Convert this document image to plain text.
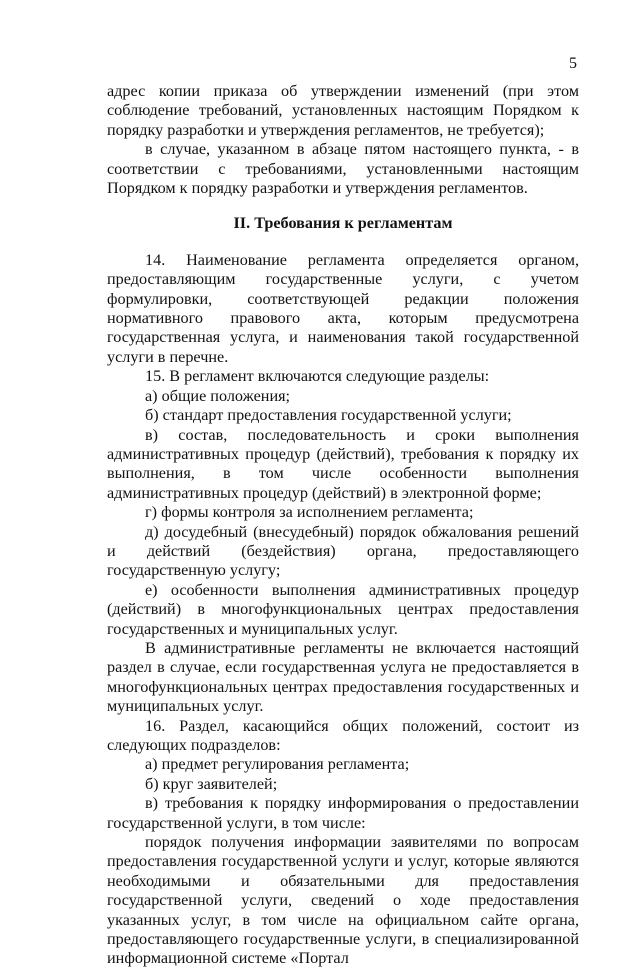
5

адрес копии приказа об утверждении изменений (при этом соблюдение требований, установленных настоящим Порядком к порядку разработки и утверждения регламентов, не требуется);

в случае, указанном в абзаце пятом настоящего пункта, - в соответствии с требованиями, установленными настоящим Порядком к порядку разработки и утверждения регламентов.

II. Требования к регламентам

14. Наименование регламента определяется органом, предоставляющим государственные услуги, с учетом формулировки, соответствующей редакции положения нормативного правового акта, которым предусмотрена государственная услуга, и наименования такой государственной услуги в перечне.

15. В регламент включаются следующие разделы:

а) общие положения;

б) стандарт предоставления государственной услуги;

в) состав, последовательность и сроки выполнения административных процедур (действий), требования к порядку их выполнения, в том числе особенности выполнения административных процедур (действий) в электронной форме;

г) формы контроля за исполнением регламента;

д) досудебный (внесудебный) порядок обжалования решений и действий (бездействия) органа, предоставляющего государственную услугу;

е) особенности выполнения административных процедур (действий) в многофункциональных центрах предоставления государственных и муниципальных услуг.

В административные регламенты не включается настоящий раздел в случае, если государственная услуга не предоставляется в многофункциональных центрах предоставления государственных и муниципальных услуг.

16. Раздел, касающийся общих положений, состоит из следующих подразделов:

а) предмет регулирования регламента;

б) круг заявителей;

в) требования к порядку информирования о предоставлении государственной услуги, в том числе:

порядок получения информации заявителями по вопросам предоставления государственной услуги и услуг, которые являются необходимыми и обязательными для предоставления государственной услуги, сведений о ходе предоставления указанных услуг, в том числе на официальном сайте органа, предоставляющего государственные услуги, в специализированной информационной системе «Портал
